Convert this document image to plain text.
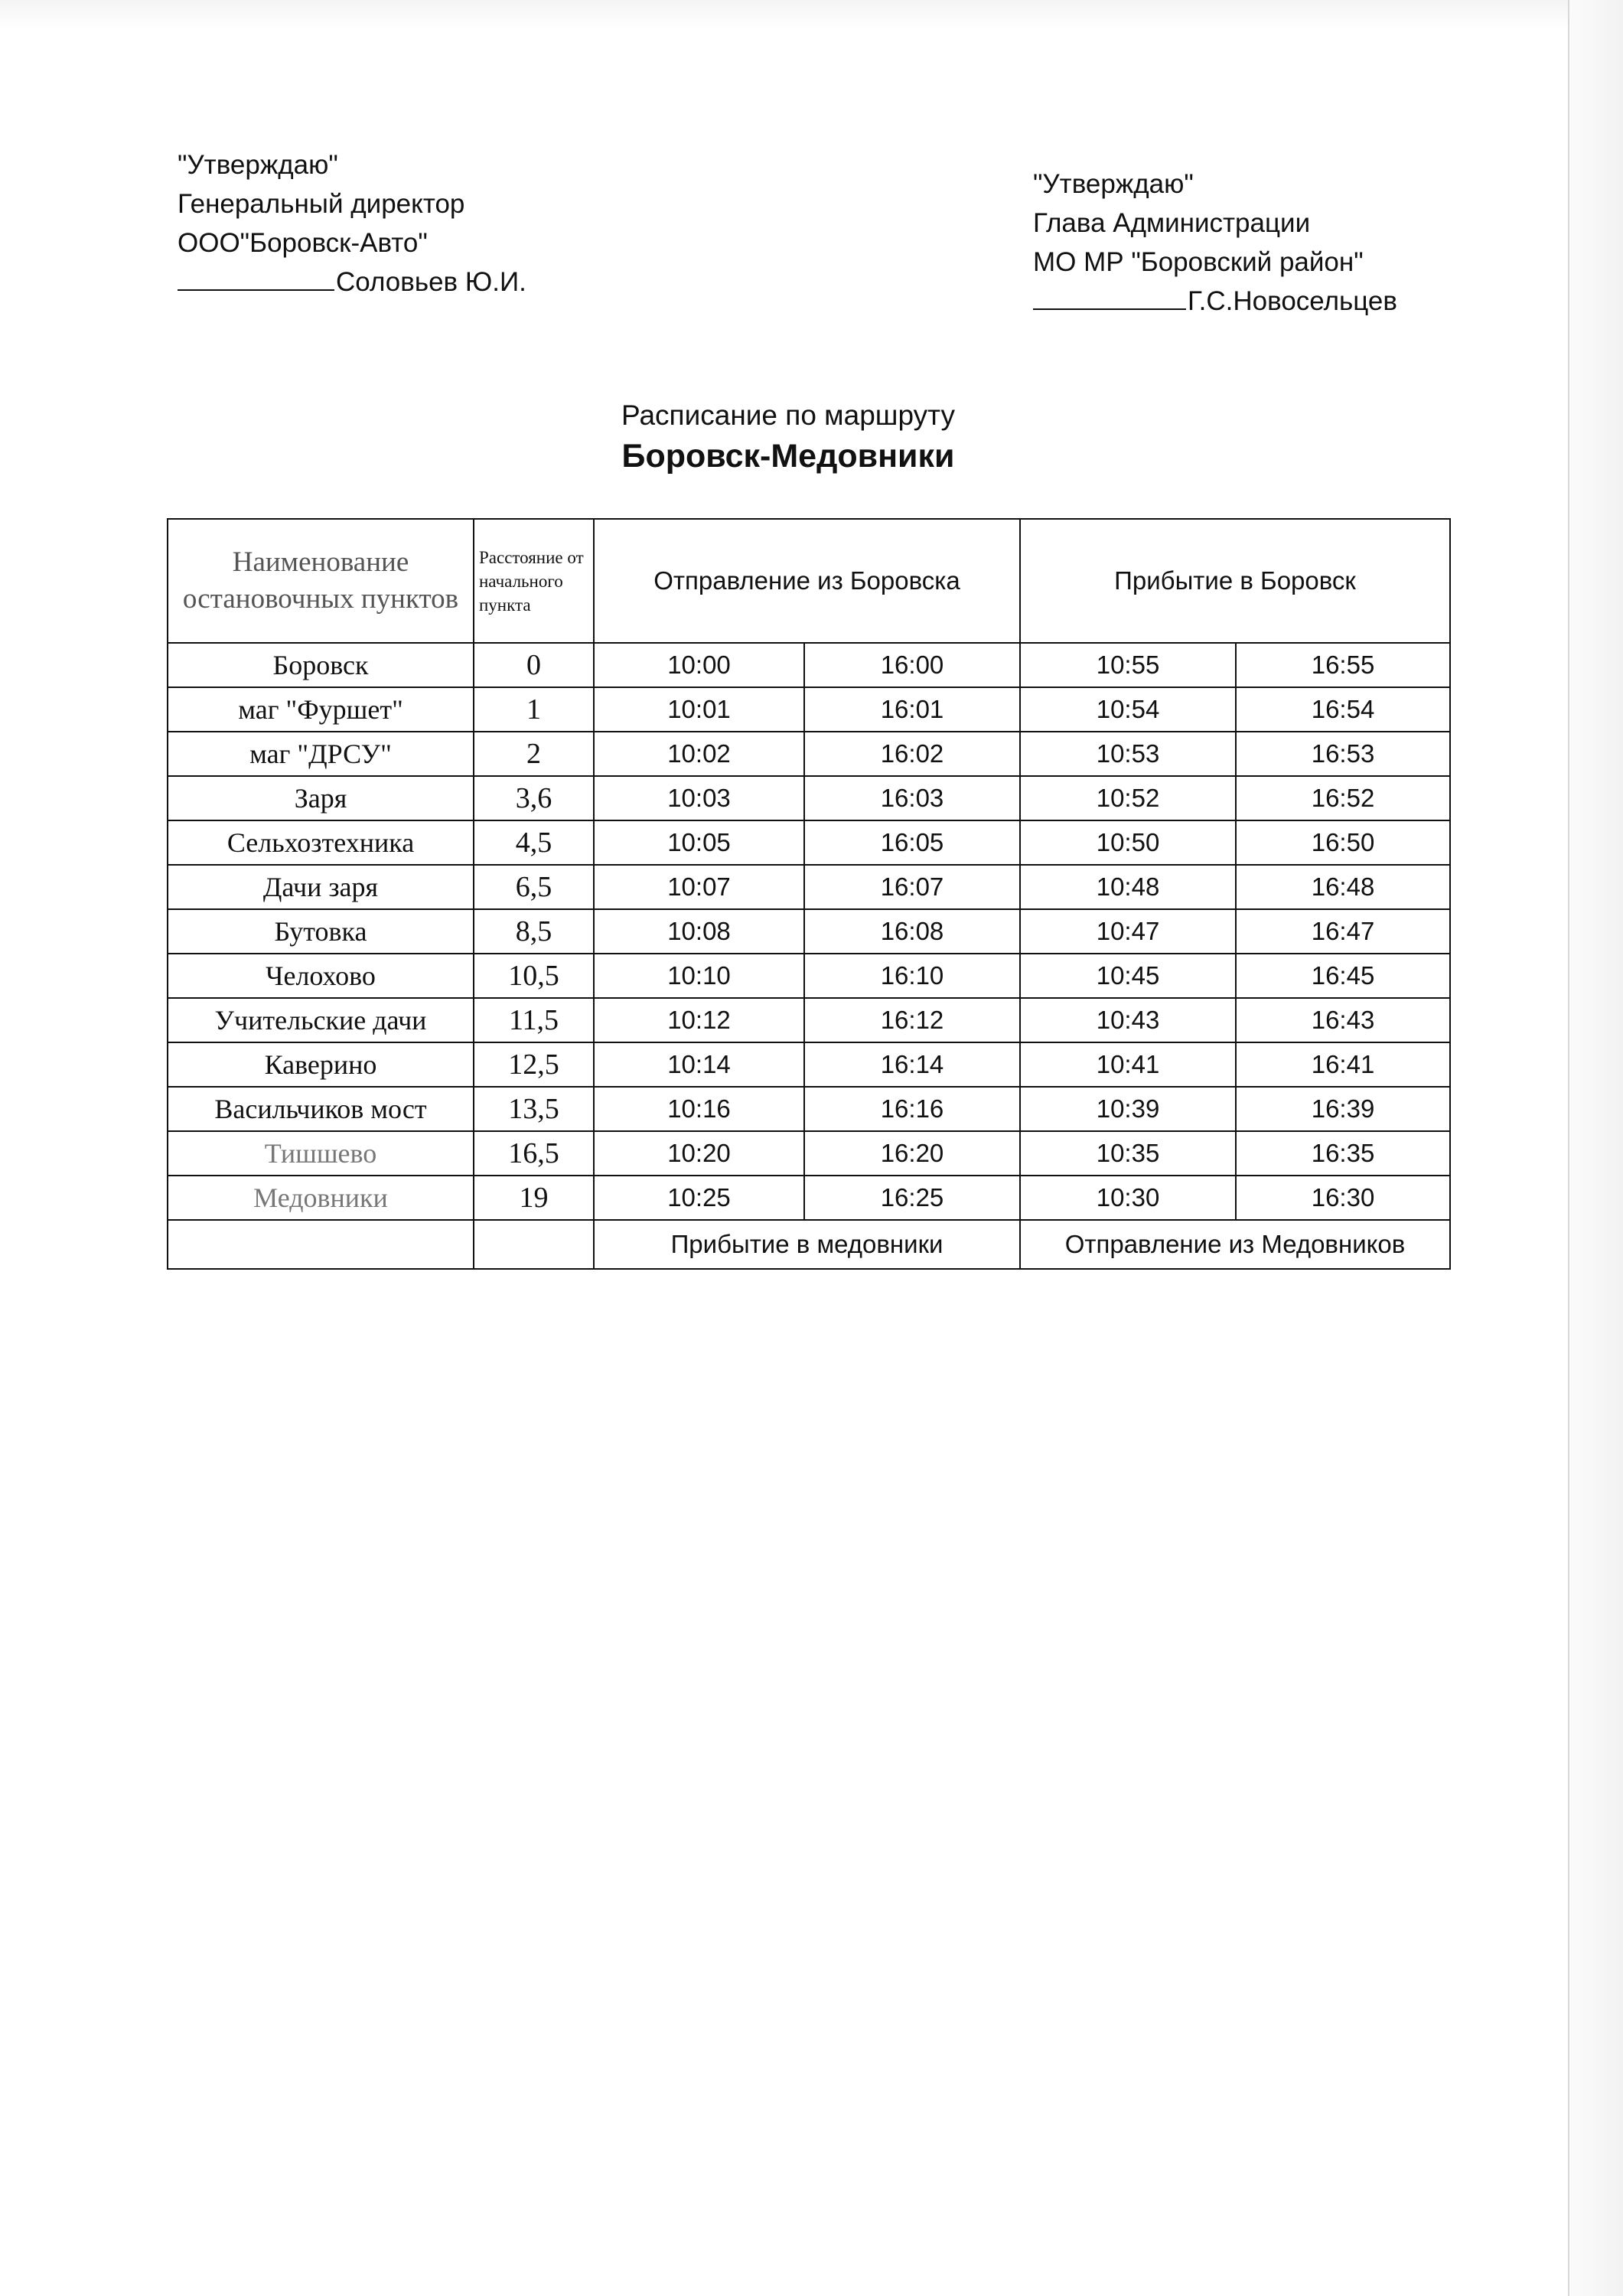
"Утверждаю"
Генеральный директор
ООО"Боровск-Авто"
Соловьев Ю.И.
"Утверждаю"
Глава Администрации
МО МР "Боровский район"
Г.С.Новосельцев
Расписание по маршруту
Боровск-Медовники
Наименование остановочных пунктов	Расстояние от начального пункта	Отправление из Боровска		Прибытие в Боровск	
Боровск	0	10:00	16:00	10:55	16:55
маг "Фуршет"	1	10:01	16:01	10:54	16:54
маг "ДРСУ"	2	10:02	16:02	10:53	16:53
Заря	3,6	10:03	16:03	10:52	16:52
Сельхозтехника	4,5	10:05	16:05	10:50	16:50
Дачи заря	6,5	10:07	16:07	10:48	16:48
Бутовка	8,5	10:08	16:08	10:47	16:47
Челохово	10,5	10:10	16:10	10:45	16:45
Учительские дачи	11,5	10:12	16:12	10:43	16:43
Каверино	12,5	10:14	16:14	10:41	16:41
Васильчиков мост	13,5	10:16	16:16	10:39	16:39
Тишшево	16,5	10:20	16:20	10:35	16:35
Медовники	19	10:25	16:25	10:30	16:30
		Прибытие в медовники		Отправление из Медовников	
